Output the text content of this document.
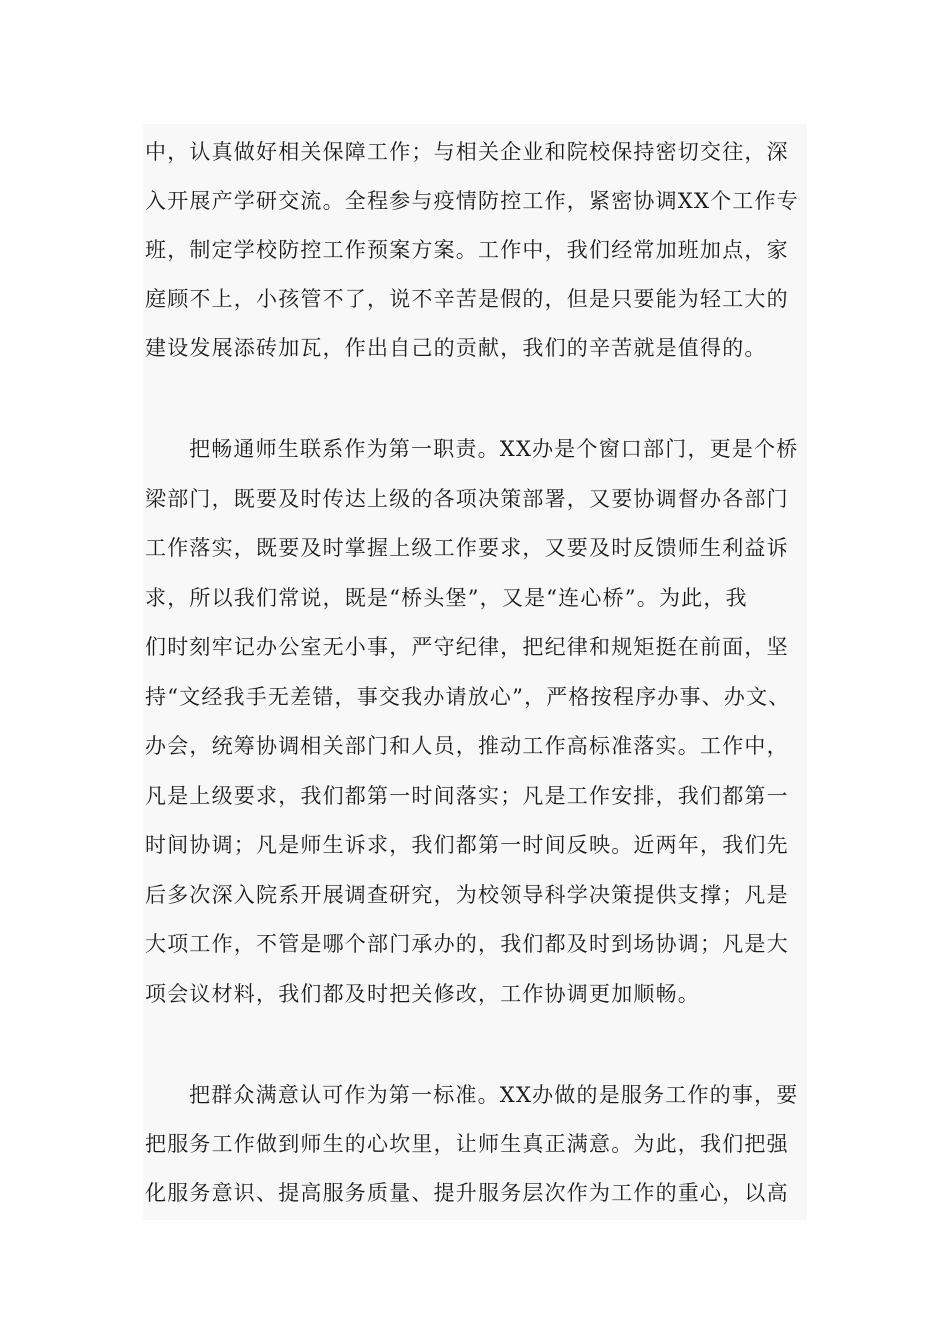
中，认真做好相关保障工作；与相关企业和院校保持密切交往，深
入开展产学研交流。全程参与疫情防控工作，紧密协调XX个工作专
班，制定学校防控工作预案方案。工作中，我们经常加班加点，家
庭顾不上，小孩管不了，说不辛苦是假的，但是只要能为轻工大的
建设发展添砖加瓦，作出自己的贡献，我们的辛苦就是值得的。
把畅通师生联系作为第一职责。XX办是个窗口部门，更是个桥
梁部门，既要及时传达上级的各项决策部署，又要协调督办各部门
工作落实，既要及时掌握上级工作要求，又要及时反馈师生利益诉
求，所以我们常说，既是“桥头堡”，又是“连心桥”。为此，我
们时刻牢记办公室无小事，严守纪律，把纪律和规矩挺在前面，坚
持“文经我手无差错，事交我办请放心”，严格按程序办事、办文、
办会，统筹协调相关部门和人员，推动工作高标准落实。工作中，
凡是上级要求，我们都第一时间落实；凡是工作安排，我们都第一
时间协调；凡是师生诉求，我们都第一时间反映。近两年，我们先
后多次深入院系开展调查研究，为校领导科学决策提供支撑；凡是
大项工作，不管是哪个部门承办的，我们都及时到场协调；凡是大
项会议材料，我们都及时把关修改，工作协调更加顺畅。
把群众满意认可作为第一标准。XX办做的是服务工作的事，要
把服务工作做到师生的心坎里，让师生真正满意。为此，我们把强
化服务意识、提高服务质量、提升服务层次作为工作的重心，以高
